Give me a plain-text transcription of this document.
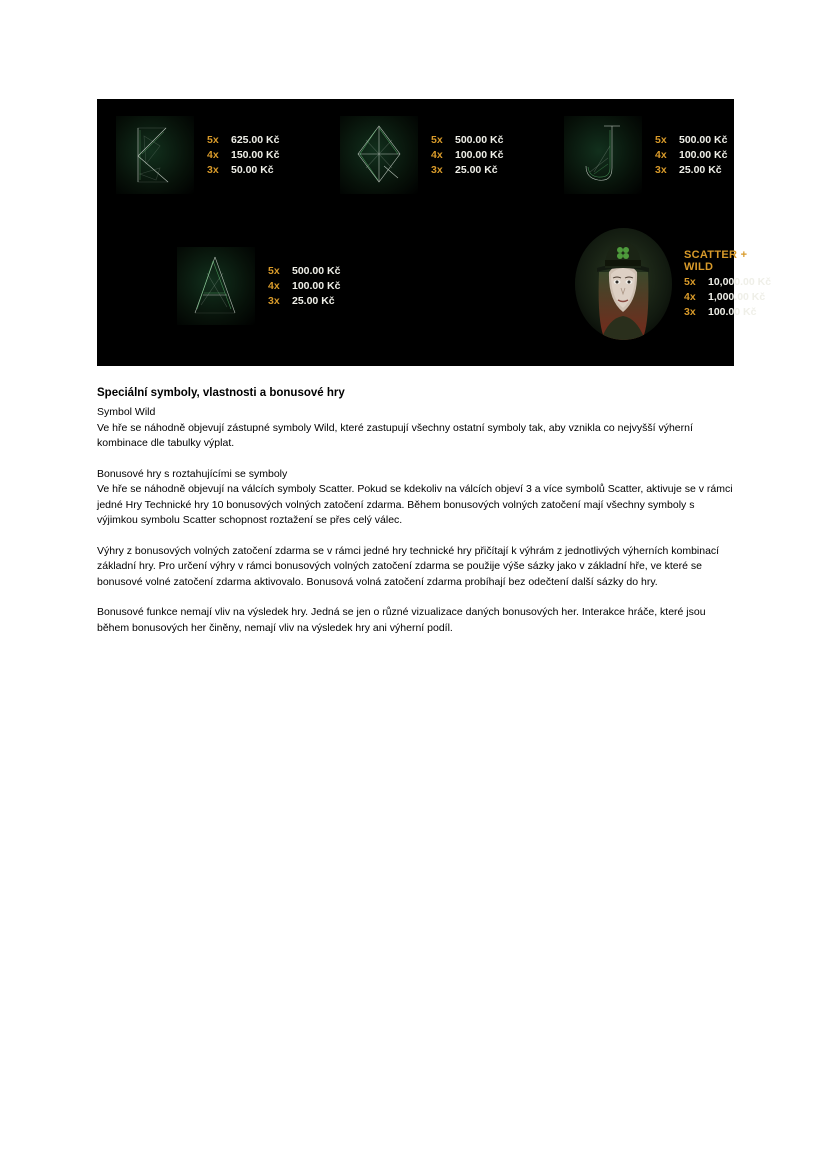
5x	625.00 Kč
4x	150.00 Kč
3x	50.00 Kč
5x	500.00 Kč
4x	100.00 Kč
3x	25.00 Kč
5x	500.00 Kč
4x	100.00 Kč
3x	25.00 Kč
5x	500.00 Kč
4x	100.00 Kč
3x	25.00 Kč
SCATTER + WILD
5x	10,000.00 Kč
4x	1,000.00 Kč
3x	100.00 Kč
Speciální symboly, vlastnosti a bonusové hry

Symbol Wild

Ve hře se náhodně objevují zástupné symboly Wild, které zastupují všechny ostatní symboly tak, aby vznikla co nejvyšší výherní kombinace dle tabulky výplat.

Bonusové hry s roztahujícími se symboly

Ve hře se náhodně objevují na válcích symboly Scatter. Pokud se kdekoliv na válcích objeví 3 a více symbolů Scatter, aktivuje se v rámci jedné Hry Technické hry 10 bonusových volných zatočení zdarma. Během bonusových volných zatočení mají všechny symboly s výjimkou symbolu Scatter schopnost roztažení se přes celý válec.

Výhry z bonusových volných zatočení zdarma se v rámci jedné hry technické hry přičítají k výhrám z jednotlivých výherních kombinací základní hry. Pro určení výhry v rámci bonusových volných zatočení zdarma se použije výše sázky jako v základní hře, ve které se bonusové volné zatočení zdarma aktivovalo. Bonusová volná zatočení zdarma probíhají bez odečtení další sázky do hry.

Bonusové funkce nemají vliv na výsledek hry. Jedná se jen o různé vizualizace daných bonusových her. Interakce hráče, které jsou během bonusových her činěny, nemají vliv na výsledek hry ani výherní podíl.
